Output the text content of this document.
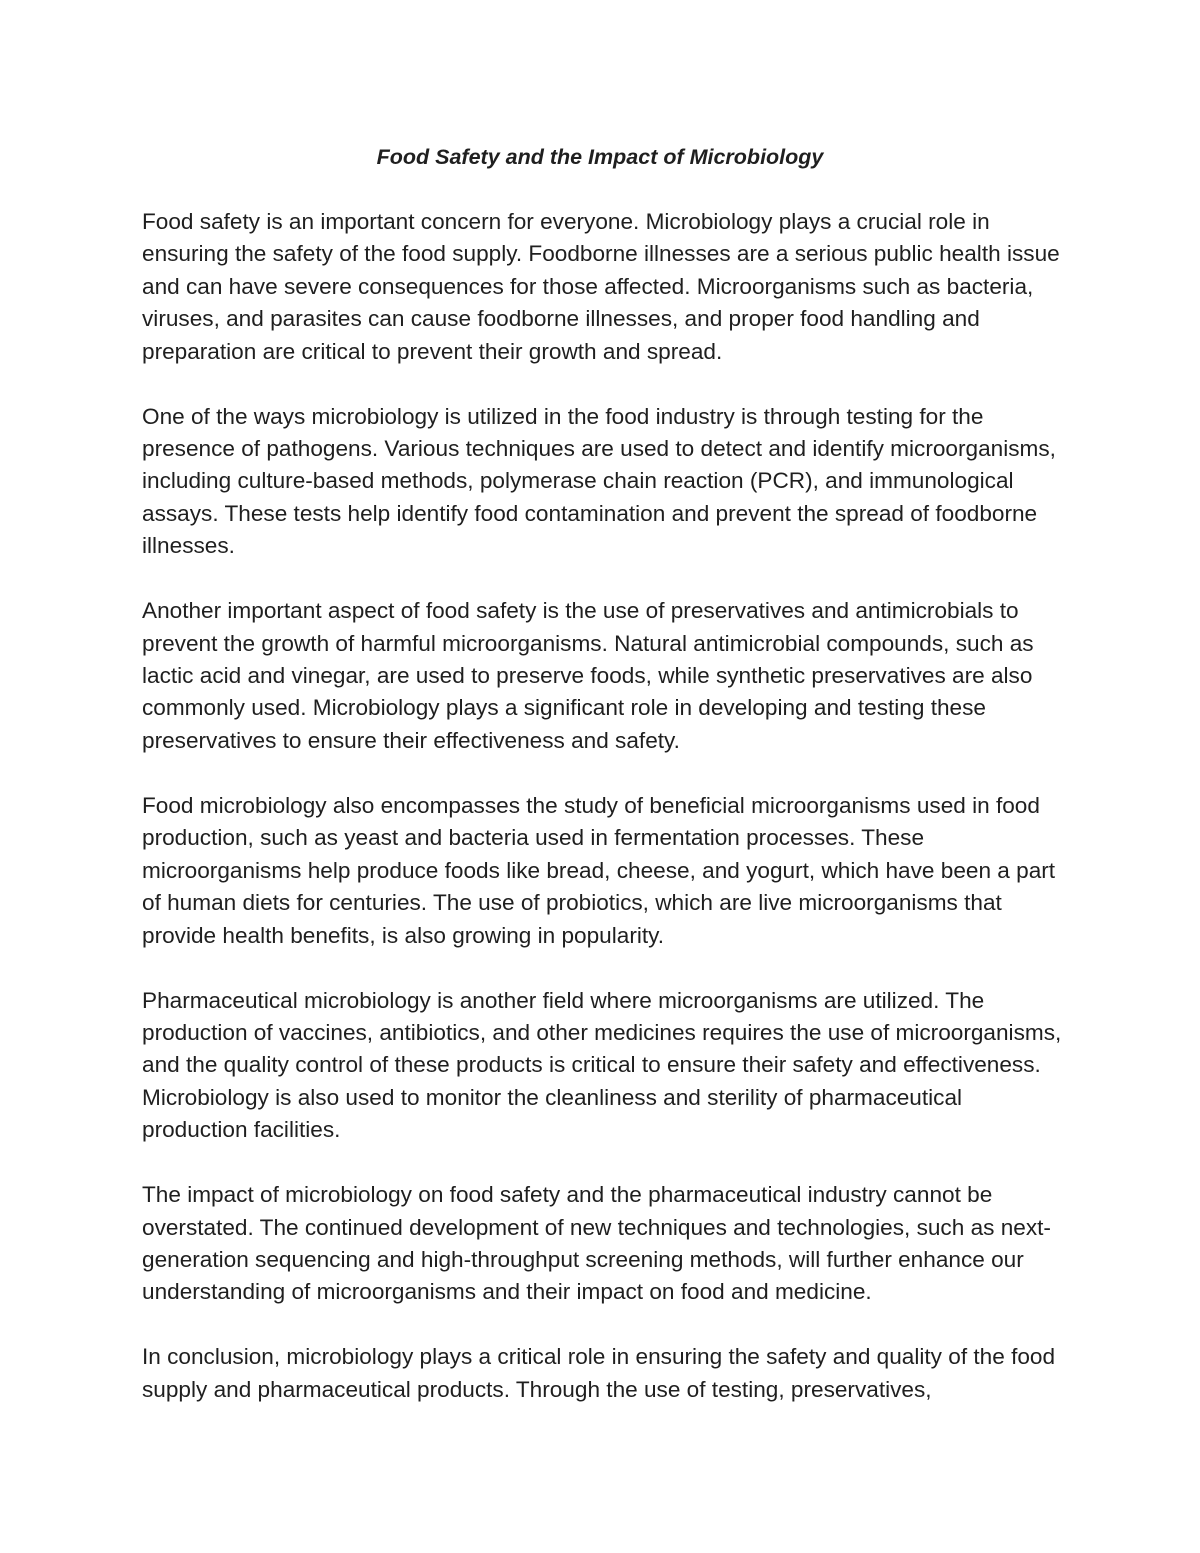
Food Safety and the Impact of Microbiology

Food safety is an important concern for everyone. Microbiology plays a crucial role in ensuring the safety of the food supply. Foodborne illnesses are a serious public health issue and can have severe consequences for those affected. Microorganisms such as bacteria, viruses, and parasites can cause foodborne illnesses, and proper food handling and preparation are critical to prevent their growth and spread.

One of the ways microbiology is utilized in the food industry is through testing for the presence of pathogens. Various techniques are used to detect and identify microorganisms, including culture-based methods, polymerase chain reaction (PCR), and immunological assays. These tests help identify food contamination and prevent the spread of foodborne illnesses.

Another important aspect of food safety is the use of preservatives and antimicrobials to prevent the growth of harmful microorganisms. Natural antimicrobial compounds, such as lactic acid and vinegar, are used to preserve foods, while synthetic preservatives are also commonly used. Microbiology plays a significant role in developing and testing these preservatives to ensure their effectiveness and safety.

Food microbiology also encompasses the study of beneficial microorganisms used in food production, such as yeast and bacteria used in fermentation processes. These microorganisms help produce foods like bread, cheese, and yogurt, which have been a part of human diets for centuries. The use of probiotics, which are live microorganisms that provide health benefits, is also growing in popularity.

Pharmaceutical microbiology is another field where microorganisms are utilized. The production of vaccines, antibiotics, and other medicines requires the use of microorganisms, and the quality control of these products is critical to ensure their safety and effectiveness. Microbiology is also used to monitor the cleanliness and sterility of pharmaceutical production facilities.

The impact of microbiology on food safety and the pharmaceutical industry cannot be overstated. The continued development of new techniques and technologies, such as next-generation sequencing and high-throughput screening methods, will further enhance our understanding of microorganisms and their impact on food and medicine.

In conclusion, microbiology plays a critical role in ensuring the safety and quality of the food supply and pharmaceutical products. Through the use of testing, preservatives,
